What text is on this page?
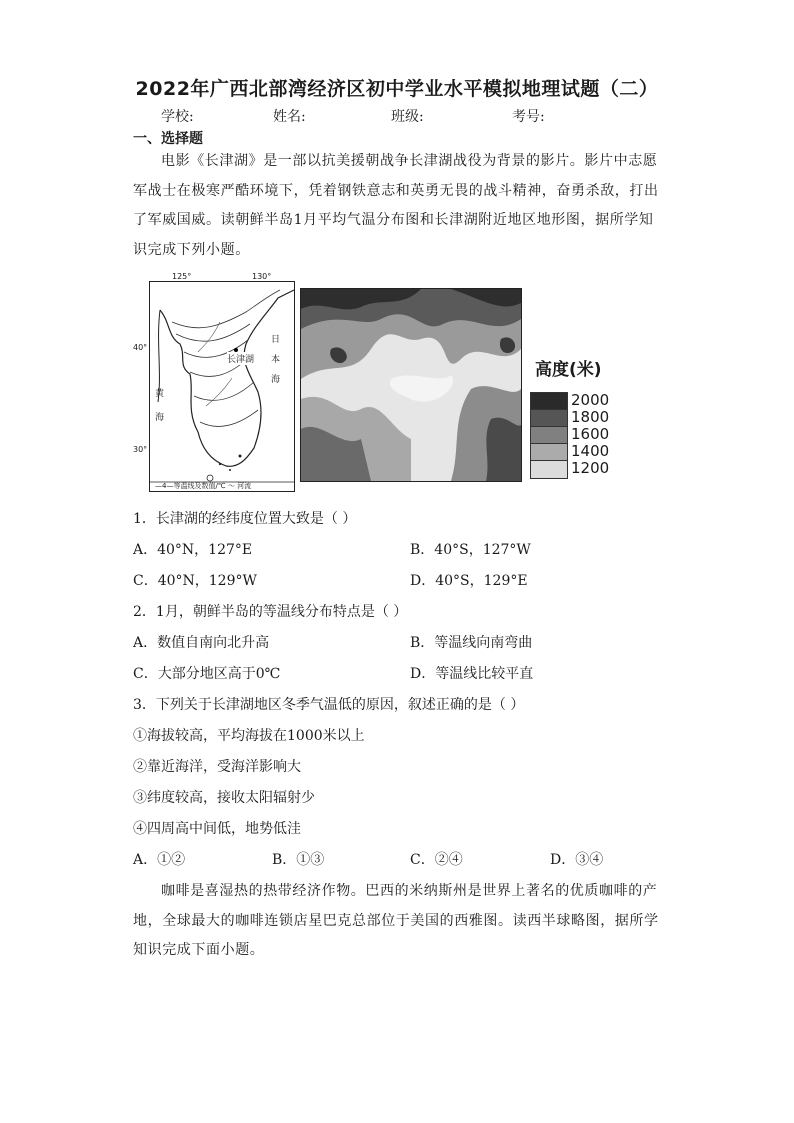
2022年广西北部湾经济区初中学业水平模拟地理试题（二）
学校:	姓名:	班级:	考号:
一、选择题
电影《长津湖》是一部以抗美援朝战争长津湖战役为背景的影片。影片中志愿军战士在极寒严酷环境下，凭着钢铁意志和英勇无畏的战斗精神，奋勇杀敌，打出了军威国威。读朝鲜半岛1月平均气温分布图和长津湖附近地区地形图，据所学知识完成下列小题。
125°	130°
40°
30°
长津湖
日本海
黄海
—4—等温线及数值/℃ ～ 河流
高度(米)
2000
1800
1600
1400
1200
1．长津湖的经纬度位置大致是（ ）
A．40°N，127°E	B．40°S，127°W
C．40°N，129°W	D．40°S，129°E
2．1月，朝鲜半岛的等温线分布特点是（ ）
A．数值自南向北升高	B．等温线向南弯曲
C．大部分地区高于0℃	D．等温线比较平直
3．下列关于长津湖地区冬季气温低的原因，叙述正确的是（ ）
①海拔较高，平均海拔在1000米以上
②靠近海洋，受海洋影响大
③纬度较高，接收太阳辐射少
④四周高中间低，地势低洼
A．①②	B．①③	C．②④	D．③④
咖啡是喜湿热的热带经济作物。巴西的米纳斯州是世界上著名的优质咖啡的产地，全球最大的咖啡连锁店星巴克总部位于美国的西雅图。读西半球略图，据所学知识完成下面小题。
